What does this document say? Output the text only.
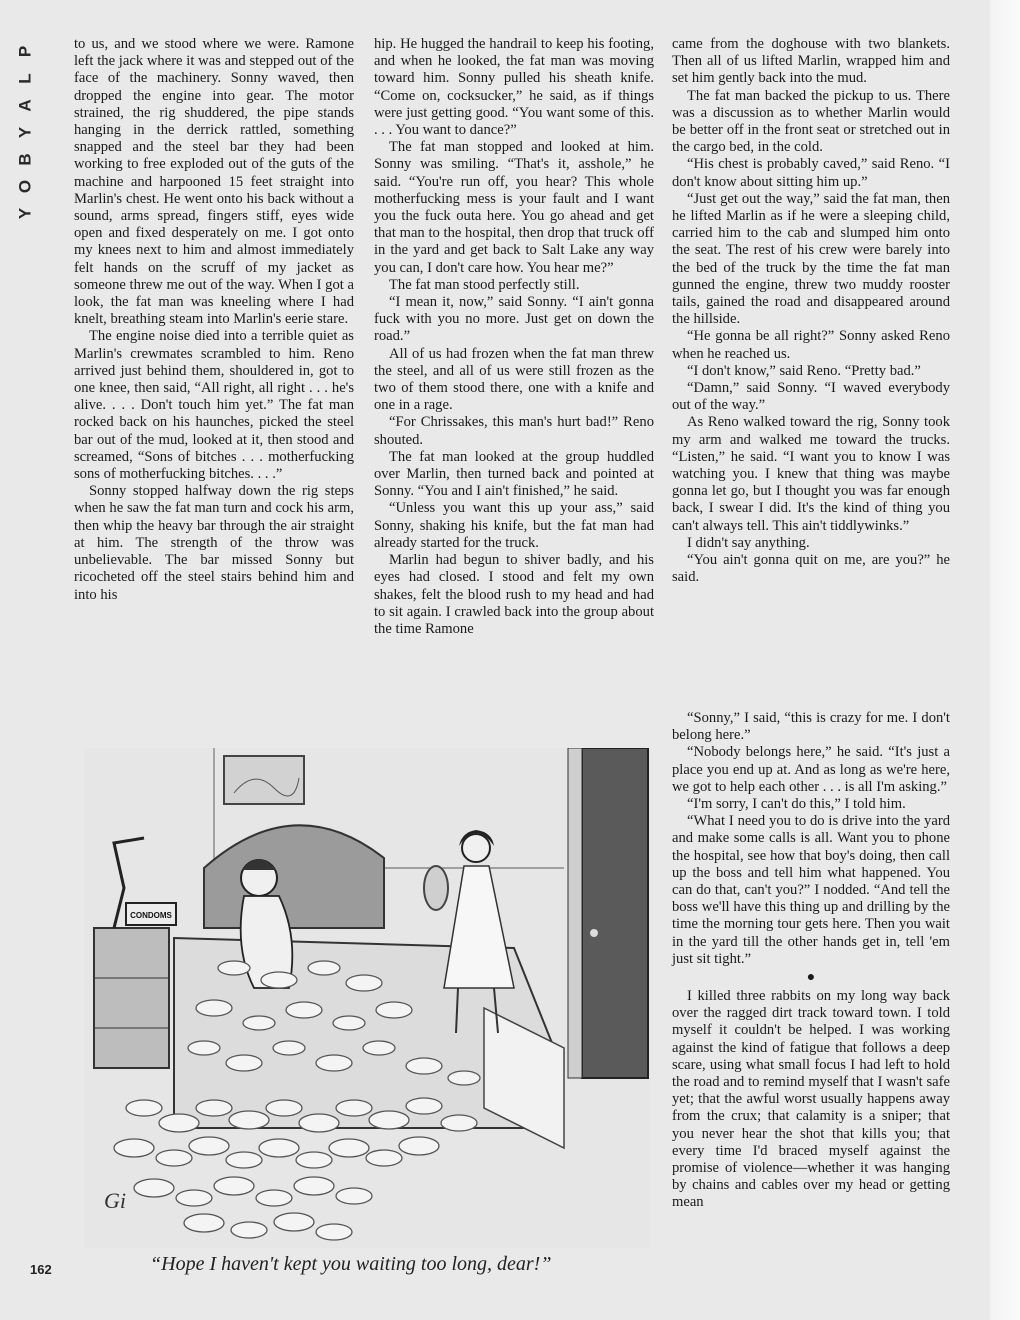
P
L
A
Y
B
O
Y

to us, and we stood where we were. Ramone left the jack where it was and stepped out of the face of the machinery. Sonny waved, then dropped the engine into gear. The motor strained, the rig shuddered, the pipe stands hanging in the derrick rattled, something snapped and the steel bar they had been working to free exploded out of the guts of the machine and harpooned 15 feet straight into Marlin's chest. He went onto his back without a sound, arms spread, fingers stiff, eyes wide open and fixed desperately on me. I got onto my knees next to him and almost immediately felt hands on the scruff of my jacket as someone threw me out of the way. When I got a look, the fat man was kneeling where I had knelt, breathing steam into Marlin's eerie stare.

The engine noise died into a terrible quiet as Marlin's crewmates scrambled to him. Reno arrived just behind them, shouldered in, got to one knee, then said, “All right, all right . . . he's alive. . . . Don't touch him yet.” The fat man rocked back on his haunches, picked the steel bar out of the mud, looked at it, then stood and screamed, “Sons of bitches . . . motherfucking sons of motherfucking bitches. . . .”

Sonny stopped halfway down the rig steps when he saw the fat man turn and cock his arm, then whip the heavy bar through the air straight at him. The strength of the throw was unbelievable. The bar missed Sonny but ricocheted off the steel stairs behind him and into his

hip. He hugged the handrail to keep his footing, and when he looked, the fat man was moving toward him. Sonny pulled his sheath knife. “Come on, cocksucker,” he said, as if things were just getting good. “You want some of this. . . . You want to dance?”

The fat man stopped and looked at him. Sonny was smiling. “That's it, asshole,” he said. “You're run off, you hear? This whole motherfucking mess is your fault and I want you the fuck outa here. You go ahead and get that man to the hospital, then drop that truck off in the yard and get back to Salt Lake any way you can, I don't care how. You hear me?”

The fat man stood perfectly still.

“I mean it, now,” said Sonny. “I ain't gonna fuck with you no more. Just get on down the road.”

All of us had frozen when the fat man threw the steel, and all of us were still frozen as the two of them stood there, one with a knife and one in a rage.

“For Chrissakes, this man's hurt bad!” Reno shouted.

The fat man looked at the group huddled over Marlin, then turned back and pointed at Sonny. “You and I ain't finished,” he said.

“Unless you want this up your ass,” said Sonny, shaking his knife, but the fat man had already started for the truck.

Marlin had begun to shiver badly, and his eyes had closed. I stood and felt my own shakes, felt the blood rush to my head and had to sit again. I crawled back into the group about the time Ramone

came from the doghouse with two blankets. Then all of us lifted Marlin, wrapped him and set him gently back into the mud.

The fat man backed the pickup to us. There was a discussion as to whether Marlin would be better off in the front seat or stretched out in the cargo bed, in the cold.

“His chest is probably caved,” said Reno. “I don't know about sitting him up.”

“Just get out the way,” said the fat man, then he lifted Marlin as if he were a sleeping child, carried him to the cab and slumped him onto the seat. The rest of his crew were barely into the bed of the truck by the time the fat man gunned the engine, threw two muddy rooster tails, gained the road and disappeared around the hillside.

“He gonna be all right?” Sonny asked Reno when he reached us.

“I don't know,” said Reno. “Pretty bad.”

“Damn,” said Sonny. “I waved everybody out of the way.”

As Reno walked toward the rig, Sonny took my arm and walked me toward the trucks. “Listen,” he said. “I want you to know I was watching you. I knew that thing was maybe gonna let go, but I thought you was far enough back, I swear I did. It's the kind of thing you can't always tell. This ain't tiddlywinks.”

I didn't say anything.

“You ain't gonna quit on me, are you?” he said.

“Sonny,” I said, “this is crazy for me. I don't belong here.”

“Nobody belongs here,” he said. “It's just a place you end up at. And as long as we're here, we got to help each other . . . is all I'm asking.”

“I'm sorry, I can't do this,” I told him.

“What I need you to do is drive into the yard and make some calls is all. Want you to phone the hospital, see how that boy's doing, then call up the boss and tell him what happened. You can do that, can't you?” I nodded. “And tell the boss we'll have this thing up and drilling by the time the morning tour gets here. Then you wait in the yard till the other hands get in, tell 'em just sit tight.”

●

I killed three rabbits on my long way back over the ragged dirt track toward town. I told myself it couldn't be helped. I was working against the kind of fatigue that follows a deep scare, using what small focus I had left to hold the road and to remind myself that I wasn't safe yet; that the awful worst usually happens away from the crux; that calamity is a sniper; that you never hear the shot that kills you; that every time I'd braced myself against the promise of violence—whether it was hanging by chains and cables over my head or getting mean

CONDOMS
Gi
“Hope I haven't kept you waiting too long, dear!”
162
